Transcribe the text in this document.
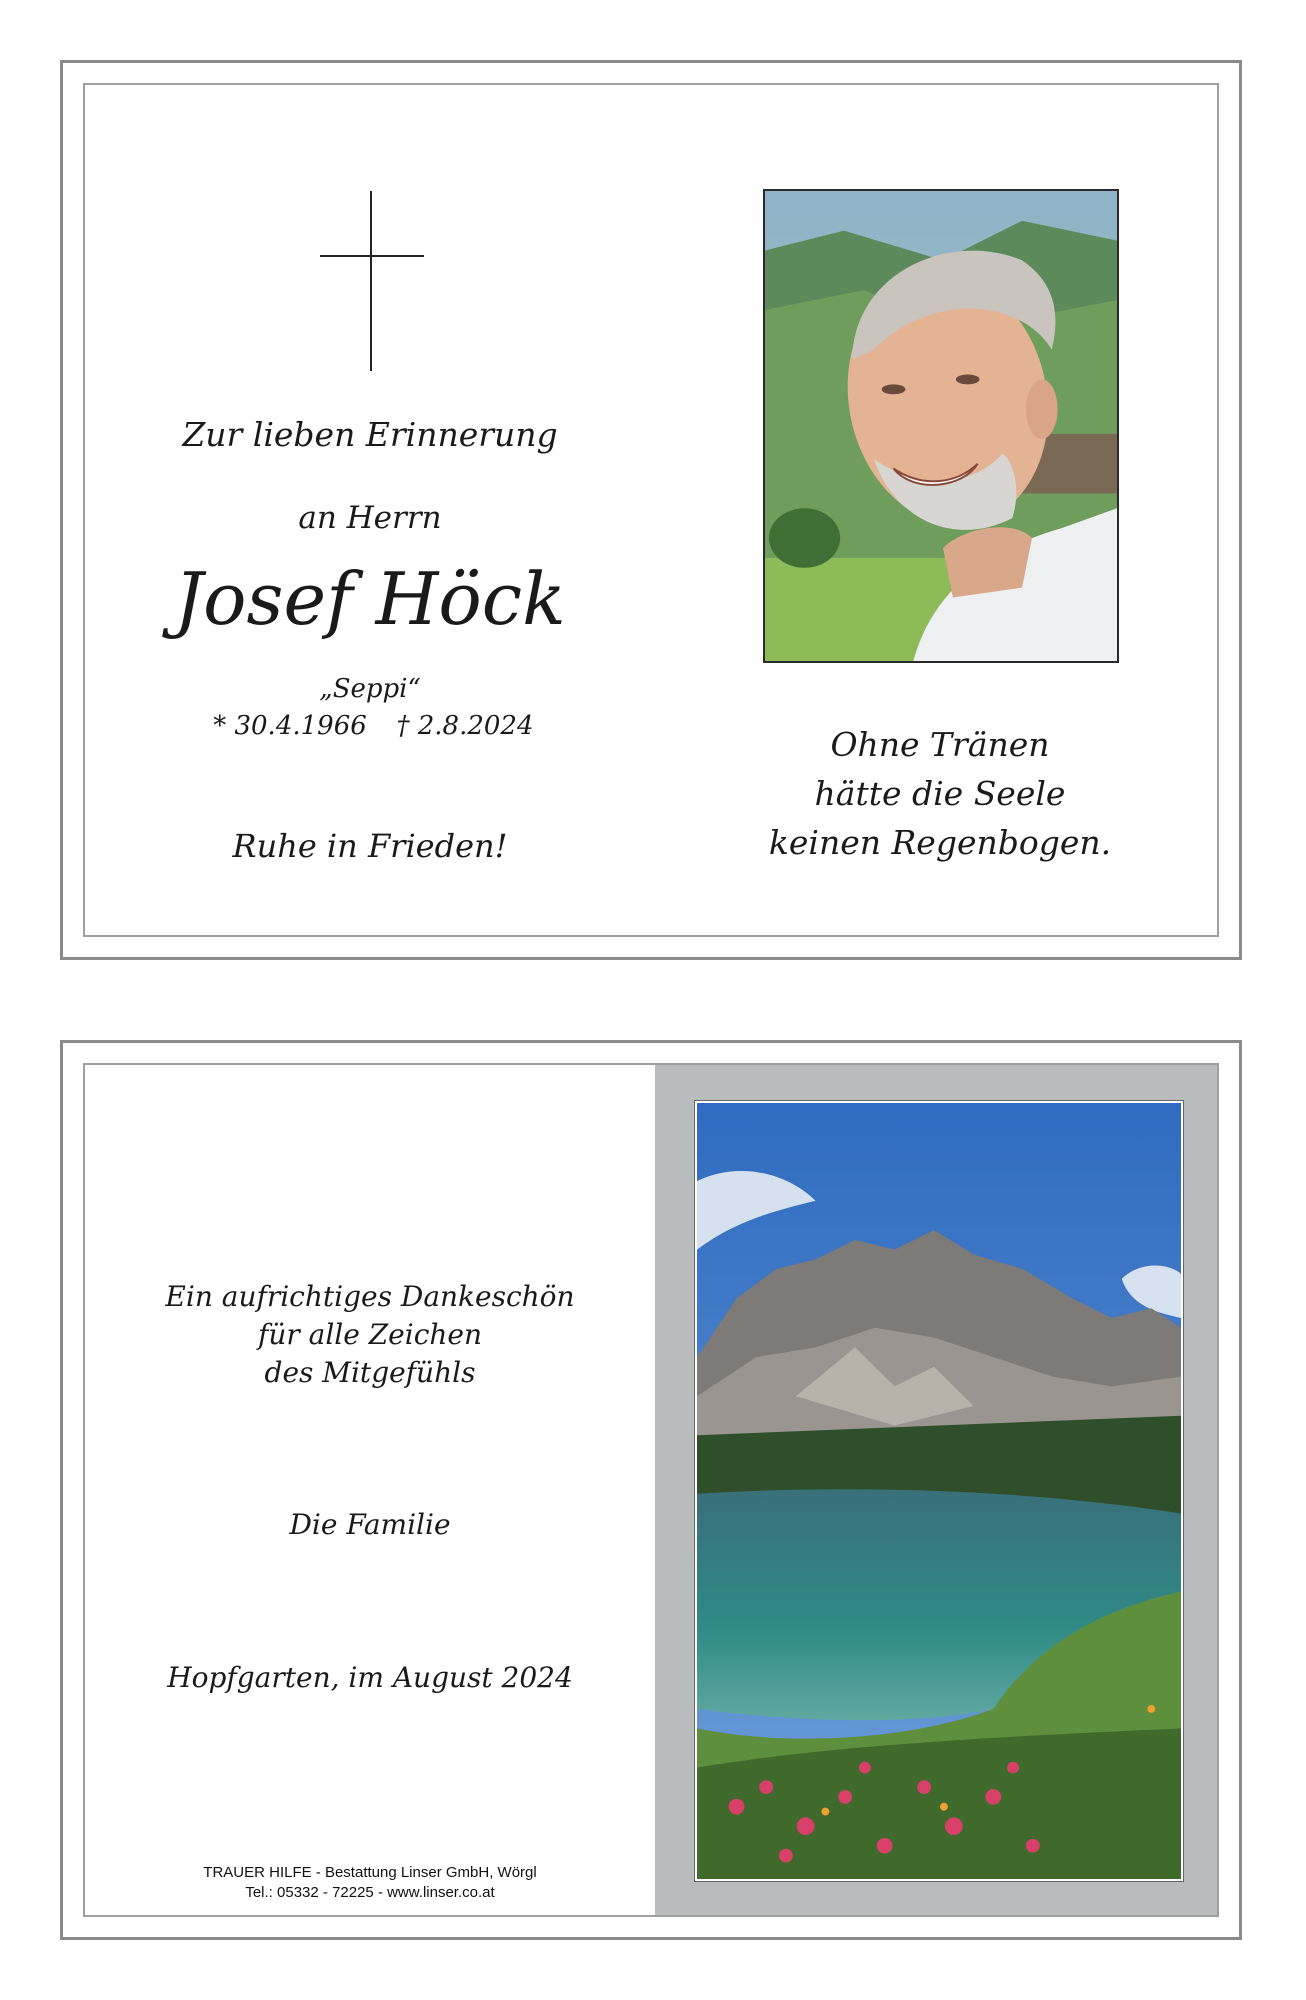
Zur lieben Erinnerung
an Herrn
Josef Höck
„Seppi“
* 30.4.1966	† 2.8.2024
Ruhe in Frieden!
Ohne Tränen
hätte die Seele
keinen Regenbogen.
Ein aufrichtiges Dankeschön
für alle Zeichen
des Mitgefühls
Die Familie
Hopfgarten, im August 2024
TRAUER HILFE - Bestattung Linser GmbH, Wörgl
Tel.: 05332 - 72225 - www.linser.co.at
